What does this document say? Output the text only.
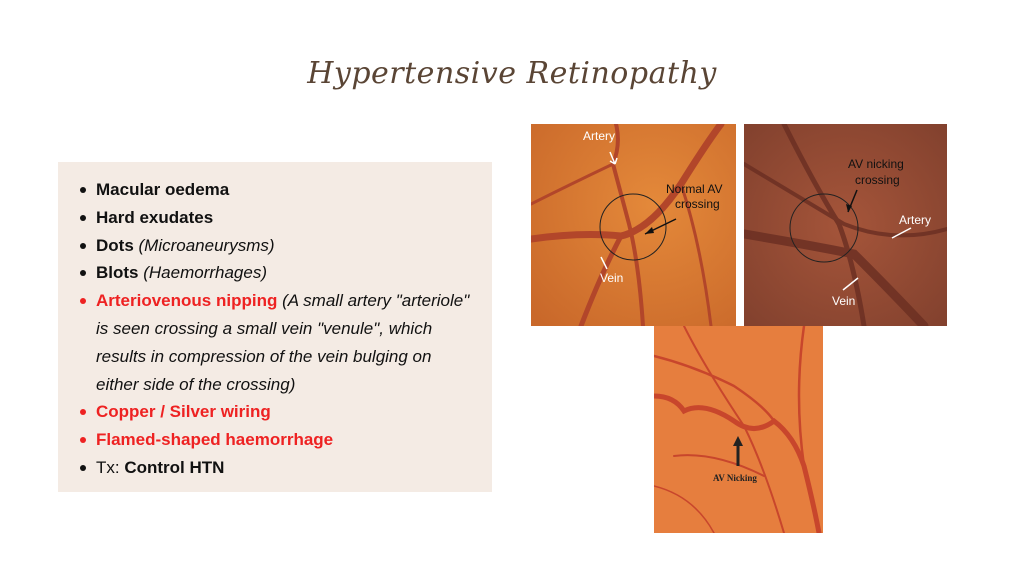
Hypertensive Retinopathy
Macular oedema
Hard exudates
Dots (Microaneurysms)
Blots (Haemorrhages)
Arteriovenous nipping (A small artery "arteriole" is seen crossing a small vein "venule", which results in compression of the vein bulging on either side of the crossing)
Copper / Silver wiring
Flamed-shaped haemorrhage
Tx: Control HTN
Artery
Normal AV
crossing
Vein
AV nicking
crossing
Artery
Vein
AV Nicking
